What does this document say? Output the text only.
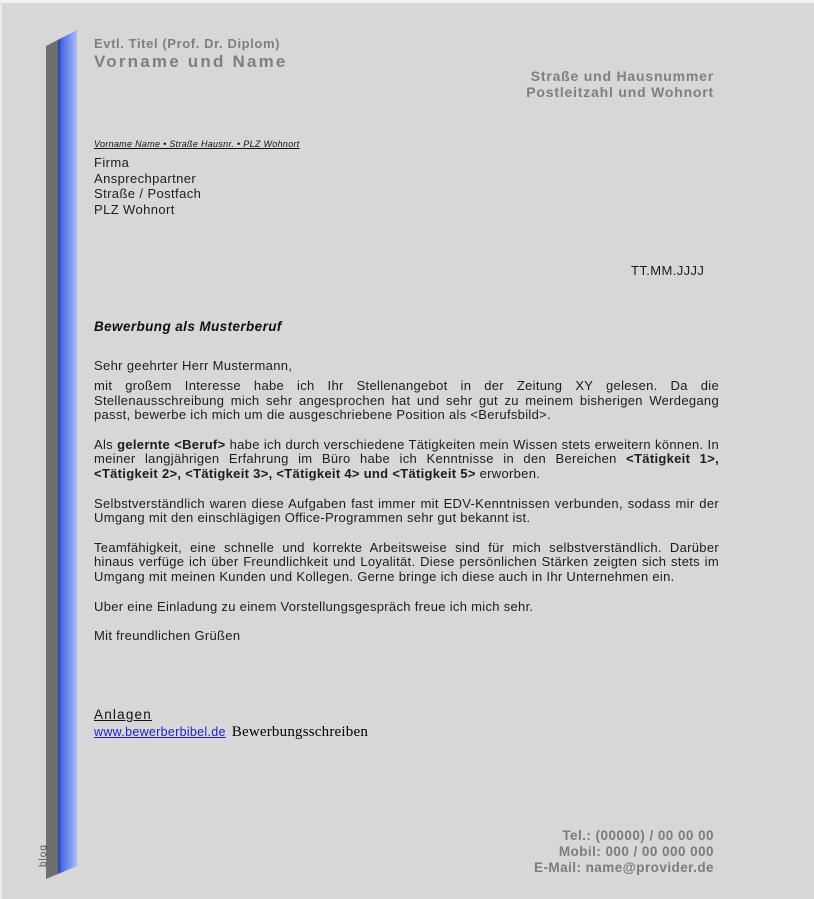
Evtl. Titel (Prof. Dr. Diplom)
Vorname und Name
Straße und Hausnummer
Postleitzahl und Wohnort
Vorname Name • Straße Hausnr. • PLZ Wohnort
Firma
Ansprechpartner
Straße / Postfach
PLZ Wohnort
TT.MM.JJJJ
Bewerbung als Musterberuf
Sehr geehrter Herr Mustermann,

mit großem Interesse habe ich Ihr Stellenangebot in der Zeitung XY gelesen. Da die Stellenausschreibung mich sehr angesprochen hat und sehr gut zu meinem bisherigen Werdegang passt, bewerbe ich mich um die ausgeschriebene Position als <Berufsbild>.

Als gelernte <Beruf> habe ich durch verschiedene Tätigkeiten mein Wissen stets erweitern können. In meiner langjährigen Erfahrung im Büro habe ich Kenntnisse in den Bereichen <Tätigkeit 1>, <Tätigkeit 2>, <Tätigkeit 3>, <Tätigkeit 4> und <Tätigkeit 5> erworben.

Selbstverständlich waren diese Aufgaben fast immer mit EDV-Kenntnissen verbunden, sodass mir der Umgang mit den einschlägigen Office-Programmen sehr gut bekannt ist.

Teamfähigkeit, eine schnelle und korrekte Arbeitsweise sind für mich selbstverständlich. Darüber hinaus verfüge ich über Freundlichkeit und Loyalität. Diese persönlichen Stärken zeigten sich stets im Umgang mit meinen Kunden und Kollegen. Gerne bringe ich diese auch in Ihr Unternehmen ein.

Uber eine Einladung zu einem Vorstellungsgespräch freue ich mich sehr.

Mit freundlichen Grüßen

Anlagen
www.bewerberbibel.de Bewerbungsschreiben
Tel.: (00000) / 00 00 00
Mobil: 000 / 00 000 000
E-Mail: name@provider.de
blog
